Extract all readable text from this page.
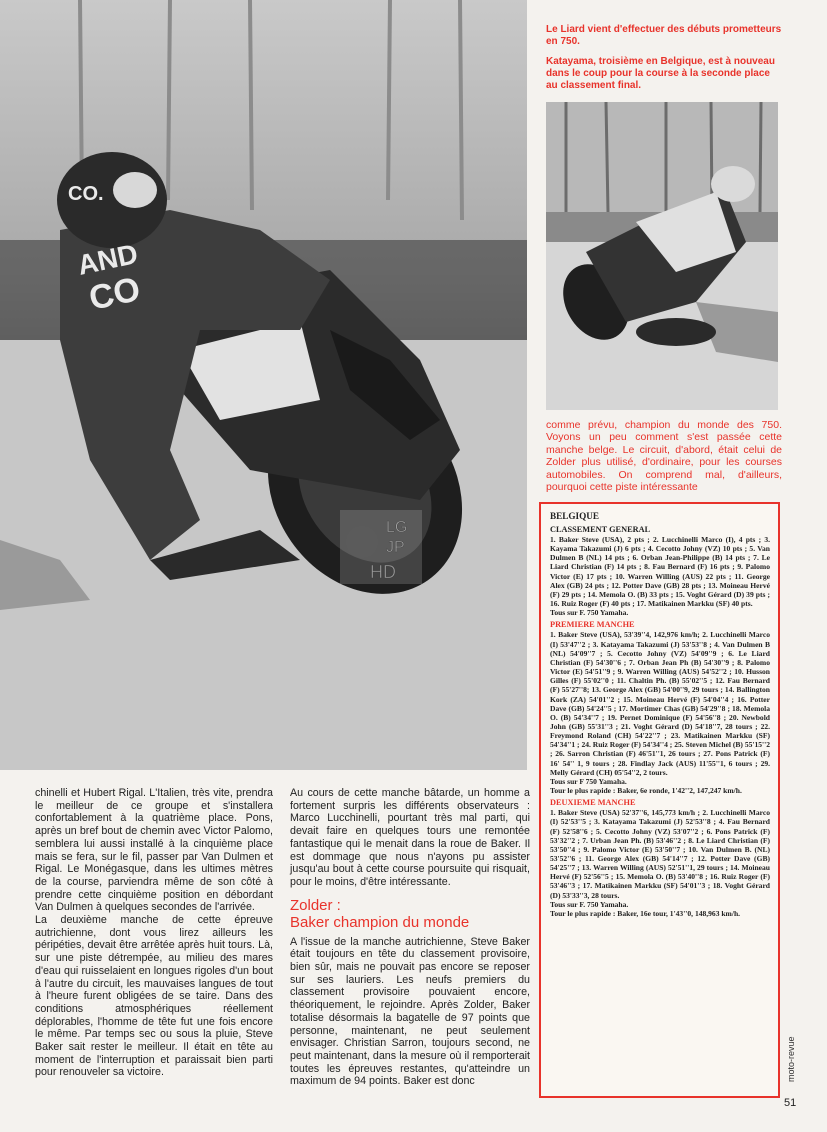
CO.
AND
CO
LG
JP
HD

Le Liard vient d'effectuer des débuts prometteurs en 750.

Katayama, troisième en Belgique, est à nouveau dans le coup pour la course à la seconde place au classement final.

comme prévu, champion du monde des 750. Voyons un peu comment s'est passée cette manche belge. Le circuit, d'abord, était celui de Zolder plus utilisé, d'ordinaire, pour les courses automobiles. On comprend mal, d'ailleurs, pourquoi cette piste intéressante

BELGIQUE

CLASSEMENT GENERAL

1. Baker Steve (USA), 2 pts ; 2. Lucchinelli Marco (I), 4 pts ; 3. Kayama Takazumi (J) 6 pts ; 4. Cecotto Johny (VZ) 10 pts ; 5. Van Dulmen B (NL) 14 pts ; 6. Orban Jean-Philippe (B) 14 pts ; 7. Le Liard Christian (F) 14 pts ; 8. Fau Bernard (F) 16 pts ; 9. Palomo Victor (E) 17 pts ; 10. Warren Willing (AUS) 22 pts ; 11. George Alex (GB) 24 pts ; 12. Potter Dave (GB) 28 pts ; 13. Moineau Hervé (F) 29 pts ; 14. Memola O. (B) 33 pts ; 15. Voght Gérard (D) 39 pts ; 16. Ruiz Roger (F) 40 pts ; 17. Matikainen Markku (SF) 40 pts.

Tous sur F. 750 Yamaha.

PREMIERE MANCHE

1. Baker Steve (USA), 53'39''4, 142,976 km/h; 2. Lucchinelli Marco (I) 53'47''2 ; 3. Katayama Takazumi (J) 53'53''8 ; 4. Van Dulmen B (NL) 54'09''7 ; 5. Cecotto Johny (VZ) 54'09''9 ; 6. Le Liard Christian (F) 54'30''6 ; 7. Orban Jean Ph (B) 54'30''9 ; 8. Palomo Victor (E) 54'51''9 ; 9. Warren Willing (AUS) 54'52''2 ; 10. Husson Gilles (F) 55'02''0 ; 11. Chaltin Ph. (B) 55'02''5 ; 12. Fau Bernard (F) 55'27''8; 13. George Alex (GB) 54'00''9, 29 tours ; 14. Ballington Kork (ZA) 54'01''2 ; 15. Moineau Hervé (F) 54'04''4 ; 16. Potter Dave (GB) 54'24''5 ; 17. Mortimer Chas (GB) 54'29''8 ; 18. Memola O. (B) 54'34''7 ; 19. Pernet Dominique (F) 54'56''8 ; 20. Newbold John (GB) 55'31''3 ; 21. Voght Gérard (D) 54'18''7, 28 tours ; 22. Freymond Roland (CH) 54'22''7 ; 23. Matikainen Markku (SF) 54'34''1 ; 24. Ruiz Roger (F) 54'34''4 ; 25. Steven Michel (B) 55'15''2 ; 26. Sarron Christian (F) 46'51''1, 26 tours ; 27. Pons Patrick (F) 16' 54'' 1, 9 tours ; 28. Findlay Jack (AUS) 11'55''1, 6 tours ; 29. Melly Gérard (CH) 05'54''2, 2 tours.

Tous sur F 750 Yamaha.

Tour le plus rapide : Baker, 6e ronde, 1'42''2, 147,247 km/h.

DEUXIEME MANCHE

1. Baker Steve (USA) 52'37''6, 145,773 km/h ; 2. Lucchinelli Marco (I) 52'53''5 ; 3. Katayama Takazumi (J) 52'53''8 ; 4. Fau Bernard (F) 52'58''6 ; 5. Cecotto Johny (VZ) 53'07''2 ; 6. Pons Patrick (F) 53'32''2 ; 7. Urban Jean Ph. (B) 53'46''2 ; 8. Le Liard Christian (F) 53'50''4 ; 9. Palomo Victor (E) 53'50''7 ; 10. Van Dulmen B. (NL) 53'52''6 ; 11. George Alex (GB) 54'14''7 ; 12. Potter Dave (GB) 54'25''7 ; 13. Warren Willing (AUS) 52'51''1, 29 tours ; 14. Moineau Hervé (F) 52'56''5 ; 15. Memola O. (B) 53'40''8 ; 16. Ruiz Roger (F) 53'46''3 ; 17. Matikainen Markku (SF) 54'01''3 ; 18. Voght Gérard (D) 53'33''3, 28 tours.

Tous sur F. 750 Yamaha.

Tour le plus rapide : Baker, 16e tour, 1'43''0, 148,963 km/h.

chinelli et Hubert Rigal. L'Italien, très vite, prendra le meilleur de ce groupe et s'installera confortablement à la quatrième place. Pons, après un bref bout de chemin avec Victor Palomo, semblera lui aussi installé à la cinquième place mais se fera, sur le fil, passer par Van Dulmen et Rigal. Le Monégasque, dans les ultimes mètres de la course, parviendra même de son côté à prendre cette cinquième position en débordant Van Dulmen à quelques secondes de l'arrivée.

La deuxième manche de cette épreuve autrichienne, dont vous lirez ailleurs les péripéties, devait être arrêtée après huit tours. Là, sur une piste détrempée, au milieu des mares d'eau qui ruisselaient en longues rigoles d'un bout à l'autre du circuit, les mauvaises langues de tout à l'heure furent obligées de se taire. Dans des conditions atmosphériques réellement déplorables, l'homme de tête fut une fois encore le même. Par temps sec ou sous la pluie, Steve Baker sait rester le meilleur. Il était en tête au moment de l'interruption et paraissait bien parti pour renouveler sa victoire.

Au cours de cette manche bâtarde, un homme a fortement surpris les différents observateurs : Marco Lucchinelli, pourtant très mal parti, qui devait faire en quelques tours une remontée fantastique qui le menait dans la roue de Baker. Il est dommage que nous n'ayons pu assister jusqu'au bout à cette course poursuite qui risquait, pour le moins, d'être intéressante.

Zolder :
Baker champion du monde

A l'issue de la manche autrichienne, Steve Baker était toujours en tête du classement provisoire, bien sûr, mais ne pouvait pas encore se reposer sur ses lauriers. Les neufs premiers du classement provisoire pouvaient encore, théoriquement, le rejoindre. Après Zolder, Baker totalise désormais la bagatelle de 97 points que personne, maintenant, ne peut seulement envisager. Christian Sarron, toujours second, ne peut maintenant, dans la mesure où il remporterait toutes les épreuves restantes, qu'atteindre un maximum de 94 points. Baker est donc	moto-revue
51
